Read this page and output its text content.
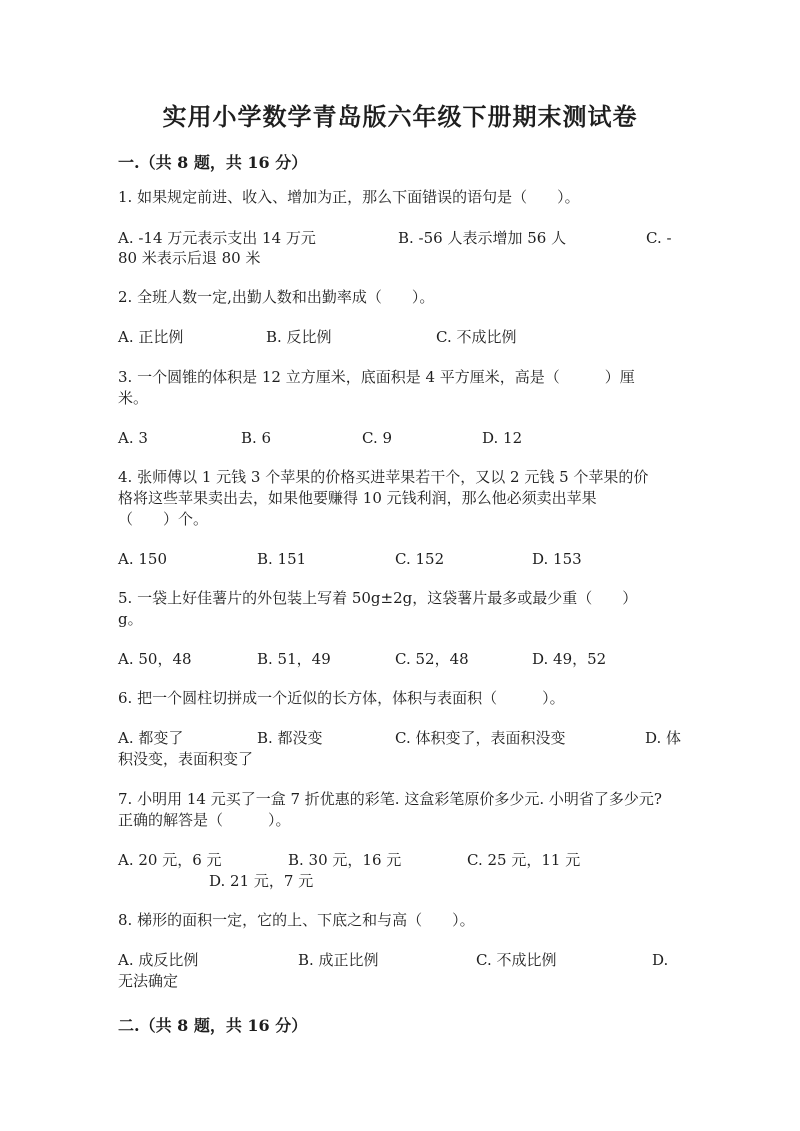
实用小学数学青岛版六年级下册期末测试卷
一.（共 8 题，共 16 分）
1. 如果规定前进、收入、增加为正，那么下面错误的语句是（　　）。
A. -14 万元表示支出 14 万元	B. -56 人表示增加 56 人	C. -
80 米表示后退 80 米
2. 全班人数一定,出勤人数和出勤率成（　　）。
A. 正比例	B. 反比例	C. 不成比例
3. 一个圆锥的体积是 12 立方厘米，底面积是 4 平方厘米，高是（　　　）厘
米。
A. 3	B. 6	C. 9	D. 12
4. 张师傅以 1 元钱 3 个苹果的价格买进苹果若干个，又以 2 元钱 5 个苹果的价
格将这些苹果卖出去，如果他要赚得 10 元钱利润，那么他必须卖出苹果
（　　）个。
A. 150	B. 151	C. 152	D. 153
5. 一袋上好佳薯片的外包装上写着 50g±2g，这袋薯片最多或最少重（　　）
g。
A. 50，48	B. 51，49	C. 52，48	D. 49，52
6. 把一个圆柱切拼成一个近似的长方体，体积与表面积（　　　）。
A. 都变了	B. 都没变	C. 体积变了，表面积没变	D. 体
积没变，表面积变了
7. 小明用 14 元买了一盒 7 折优惠的彩笔. 这盒彩笔原价多少元. 小明省了多少元?
正确的解答是（　　　）。
A. 20 元，6 元	B. 30 元，16 元	C. 25 元，11 元
D. 21 元，7 元
8. 梯形的面积一定，它的上、下底之和与高（　　）。
A. 成反比例	B. 成正比例	C. 不成比例	D.
无法确定
二.（共 8 题，共 16 分）
